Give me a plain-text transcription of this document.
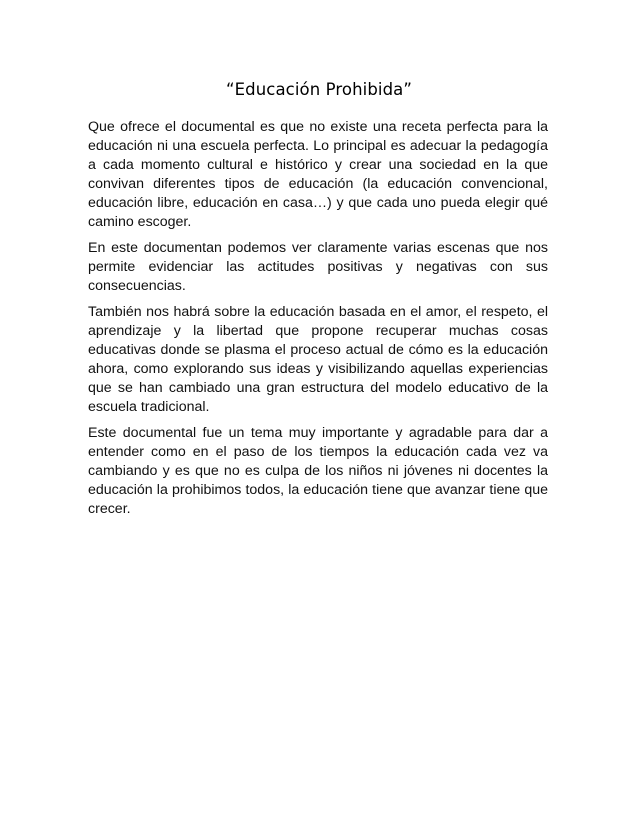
“Educación Prohibida”

Que ofrece el documental es que no existe una receta perfecta para la educación ni una escuela perfecta. Lo principal es adecuar la pedagogía a cada momento cultural e histórico y crear una sociedad en la que convivan diferentes tipos de educación (la educación convencional, educación libre, educación en casa…) y que cada uno pueda elegir qué camino escoger.

En este documentan podemos ver claramente varias escenas que nos permite evidenciar las actitudes positivas y negativas con sus consecuencias.

También nos habrá sobre la educación basada en el amor, el respeto, el aprendizaje y la libertad que propone recuperar muchas cosas educativas donde se plasma el proceso actual de cómo es la educación ahora, como explorando sus ideas y visibilizando aquellas experiencias que se han cambiado una gran estructura del modelo educativo de la escuela tradicional.

Este documental fue un tema muy importante y agradable para dar a entender como en el paso de los tiempos la educación cada vez va cambiando y es que no es culpa de los niños ni jóvenes ni docentes la educación la prohibimos todos, la educación tiene que avanzar tiene que crecer.
